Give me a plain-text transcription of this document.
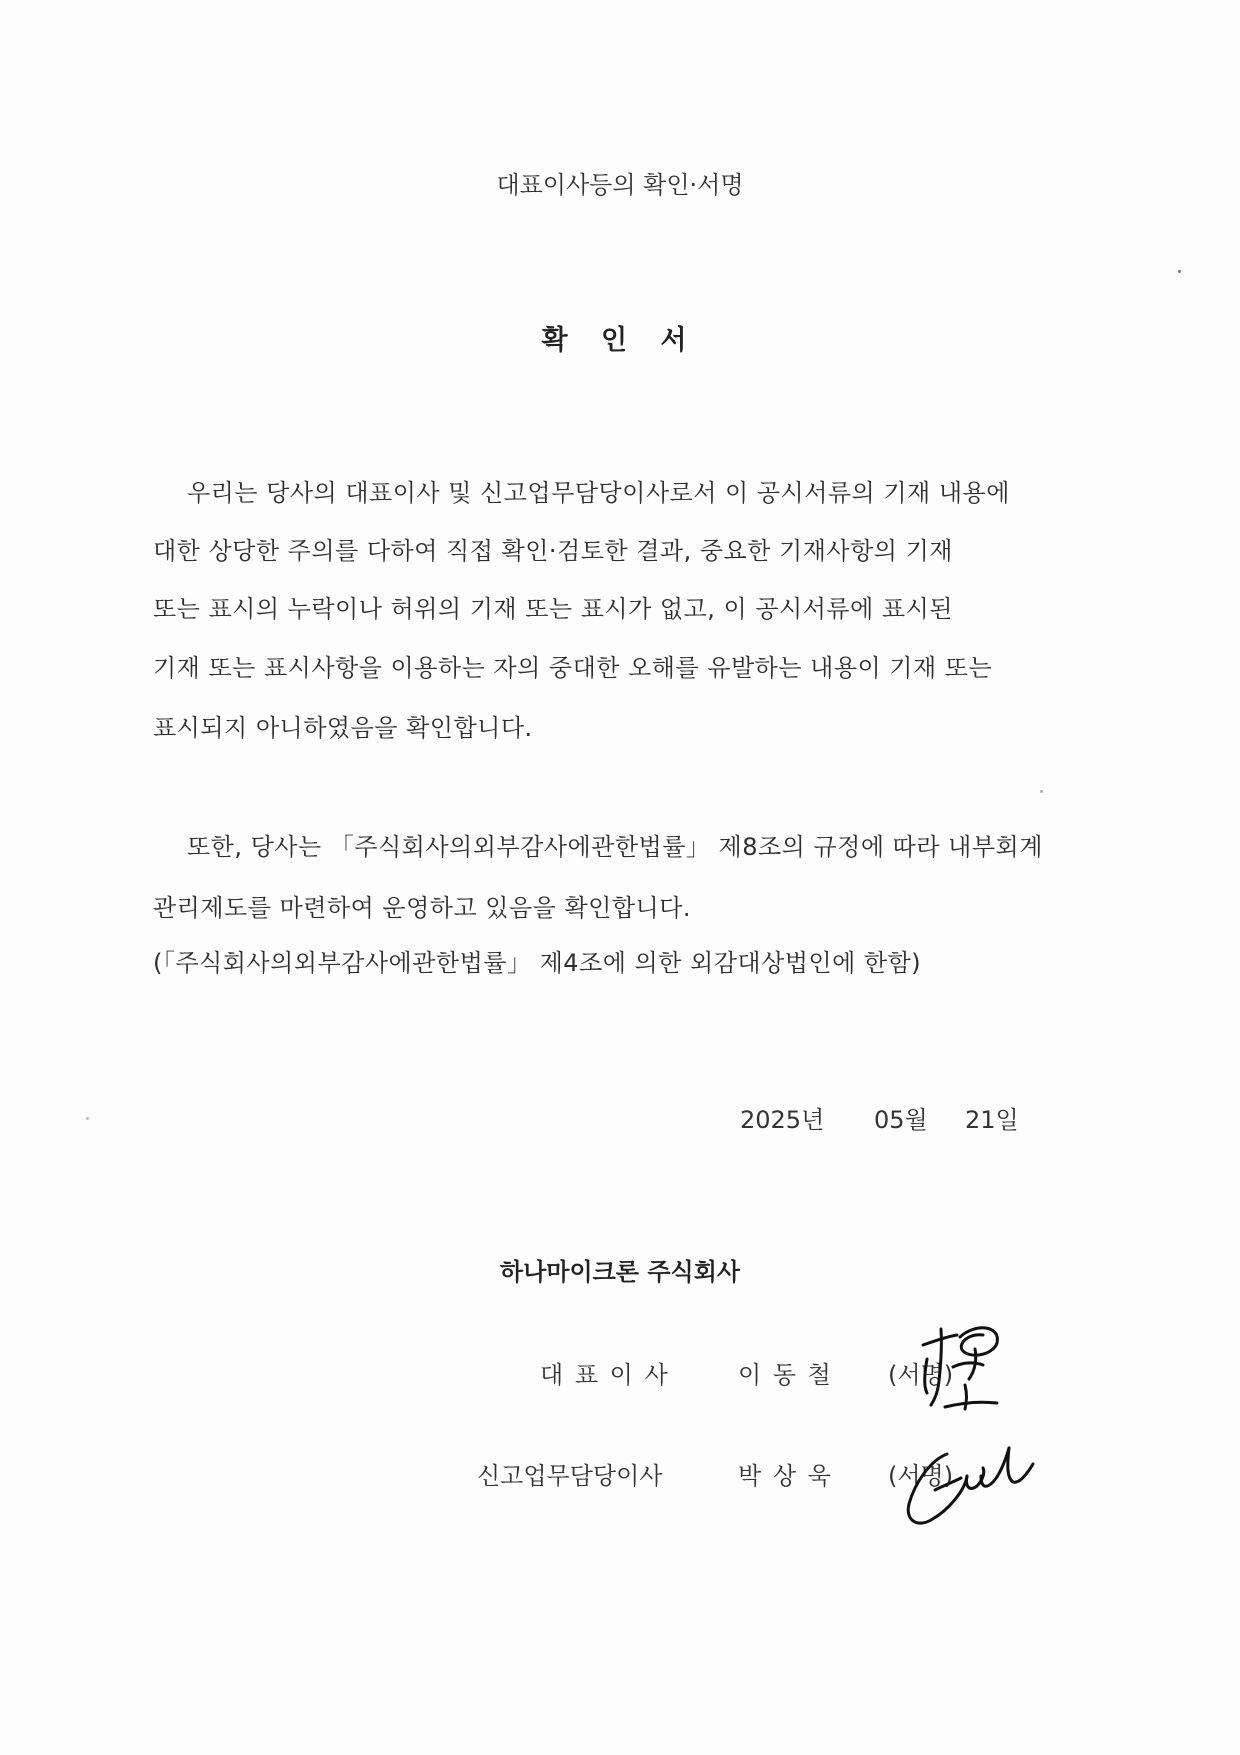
대표이사등의 확인·서명
확 인 서
우리는 당사의 대표이사 및 신고업무담당이사로서 이 공시서류의 기재 내용에
대한 상당한 주의를 다하여 직접 확인·검토한 결과, 중요한 기재사항의 기재
또는 표시의 누락이나 허위의 기재 또는 표시가 없고, 이 공시서류에 표시된
기재 또는 표시사항을 이용하는 자의 중대한 오해를 유발하는 내용이 기재 또는
표시되지 아니하였음을 확인합니다.
또한, 당사는 「주식회사의외부감사에관한법률」 제8조의 규정에 따라 내부회계
관리제도를 마련하여 운영하고 있음을 확인합니다.
(「주식회사의외부감사에관한법률」 제4조에 의한 외감대상법인에 한함)
2025년 05월 21일
하나마이크론 주식회사
대 표 이 사	이 동 철 (서명)
신고업무담당이사	박 상 욱 (서명)
